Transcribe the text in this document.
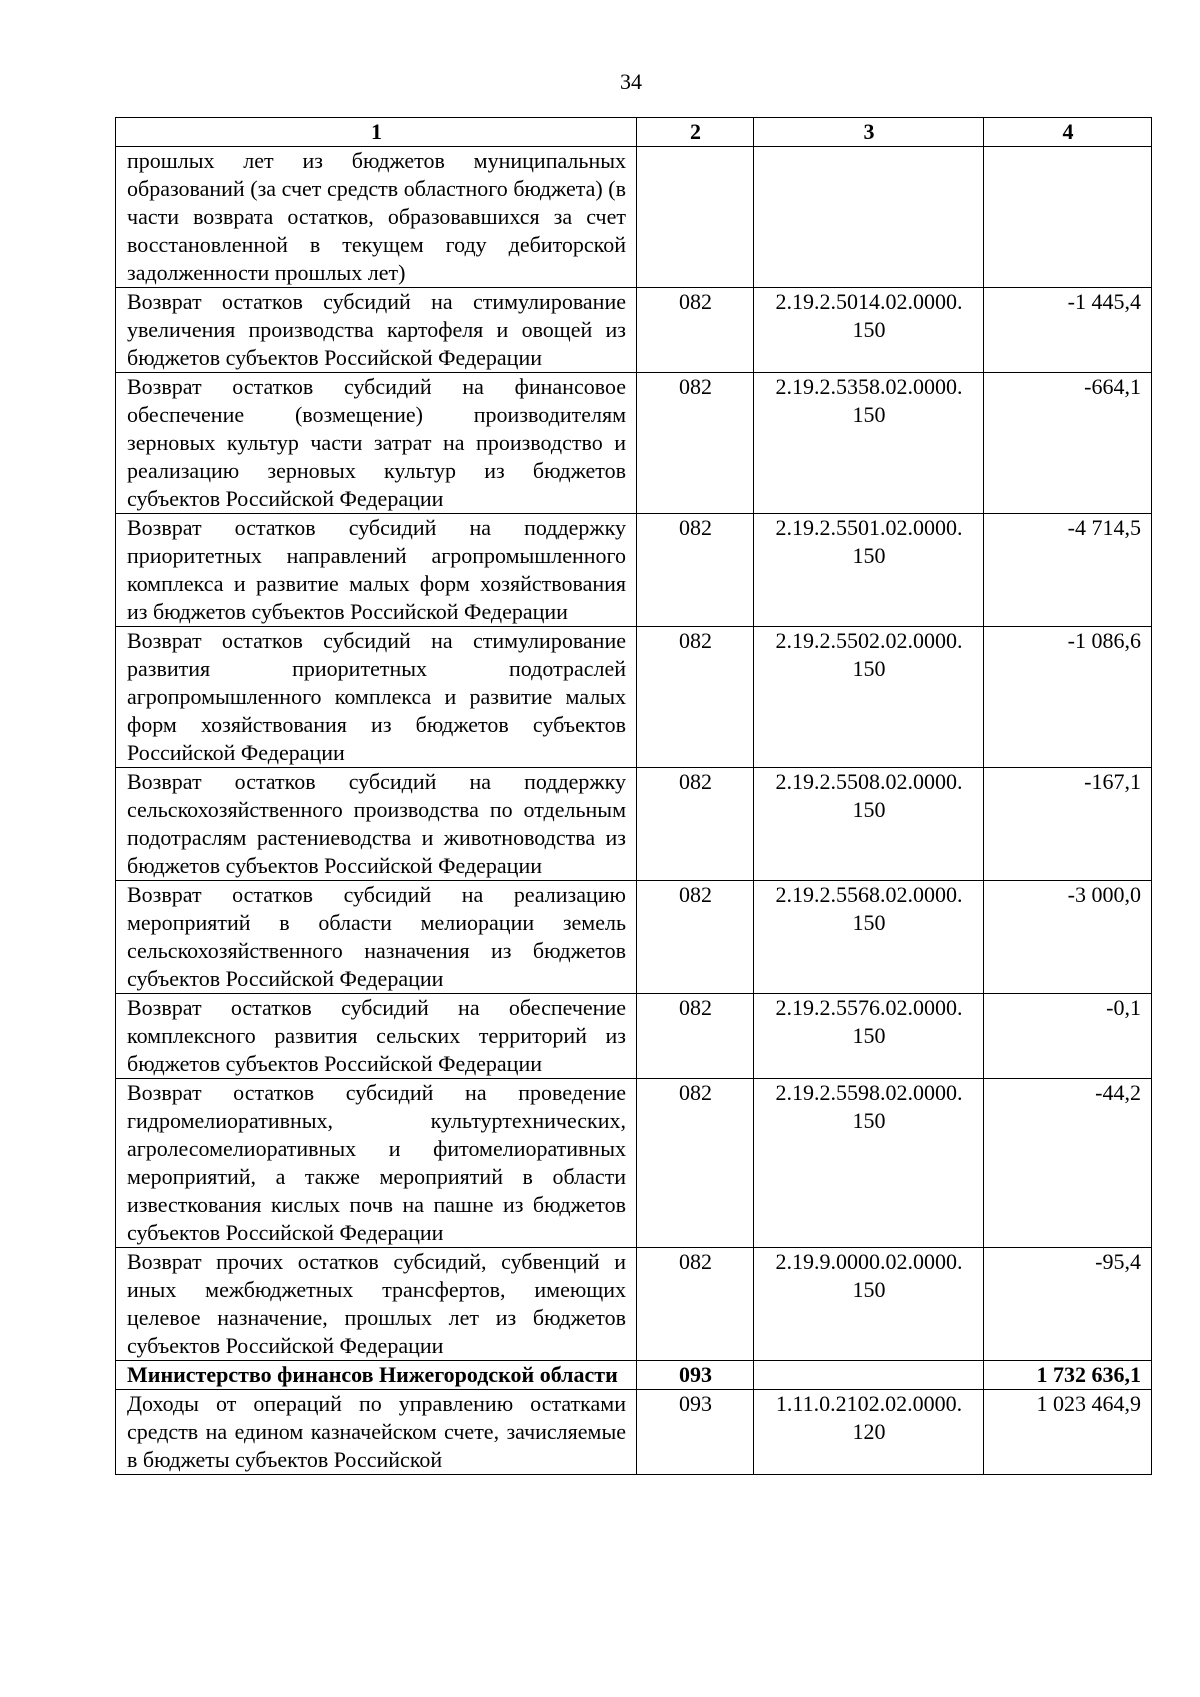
34
1	2	3	4
прошлых лет из бюджетов муниципальных образований (за счет средств областного бюджета) (в части возврата остатков, образовавшихся за счет восстановленной в текущем году дебиторской задолженности прошлых лет)			
Возврат остатков субсидий на стимулирование увеличения производства картофеля и овощей из бюджетов субъектов Российской Федерации	082	2.19.2.5014.02.0000. 150	-1 445,4
Возврат остатков субсидий на финансовое обеспечение (возмещение) производителям зерновых культур части затрат на производство и реализацию зерновых культур из бюджетов субъектов Российской Федерации	082	2.19.2.5358.02.0000. 150	-664,1
Возврат остатков субсидий на поддержку приоритетных направлений агропромышленного комплекса и развитие малых форм хозяйствования из бюджетов субъектов Российской Федерации	082	2.19.2.5501.02.0000. 150	-4 714,5
Возврат остатков субсидий на стимулирование развития приоритетных подотраслей агропромышленного комплекса и развитие малых форм хозяйствования из бюджетов субъектов Российской Федерации	082	2.19.2.5502.02.0000. 150	-1 086,6
Возврат остатков субсидий на поддержку сельскохозяйственного производства по отдельным подотраслям растениеводства и животноводства из бюджетов субъектов Российской Федерации	082	2.19.2.5508.02.0000. 150	-167,1
Возврат остатков субсидий на реализацию мероприятий в области мелиорации земель сельскохозяйственного назначения из бюджетов субъектов Российской Федерации	082	2.19.2.5568.02.0000. 150	-3 000,0
Возврат остатков субсидий на обеспечение комплексного развития сельских территорий из бюджетов субъектов Российской Федерации	082	2.19.2.5576.02.0000. 150	-0,1
Возврат остатков субсидий на проведение гидромелиоративных, культуртехнических, агролесомелиоративных и фитомелиоративных мероприятий, а также мероприятий в области известкования кислых почв на пашне из бюджетов субъектов Российской Федерации	082	2.19.2.5598.02.0000. 150	-44,2
Возврат прочих остатков субсидий, субвенций и иных межбюджетных трансфертов, имеющих целевое назначение, прошлых лет из бюджетов субъектов Российской Федерации	082	2.19.9.0000.02.0000. 150	-95,4
Министерство финансов Нижегородской области	093		1 732 636,1
Доходы от операций по управлению остатками средств на едином казначейском счете, зачисляемые в бюджеты субъектов Российской	093	1.11.0.2102.02.0000. 120	1 023 464,9
